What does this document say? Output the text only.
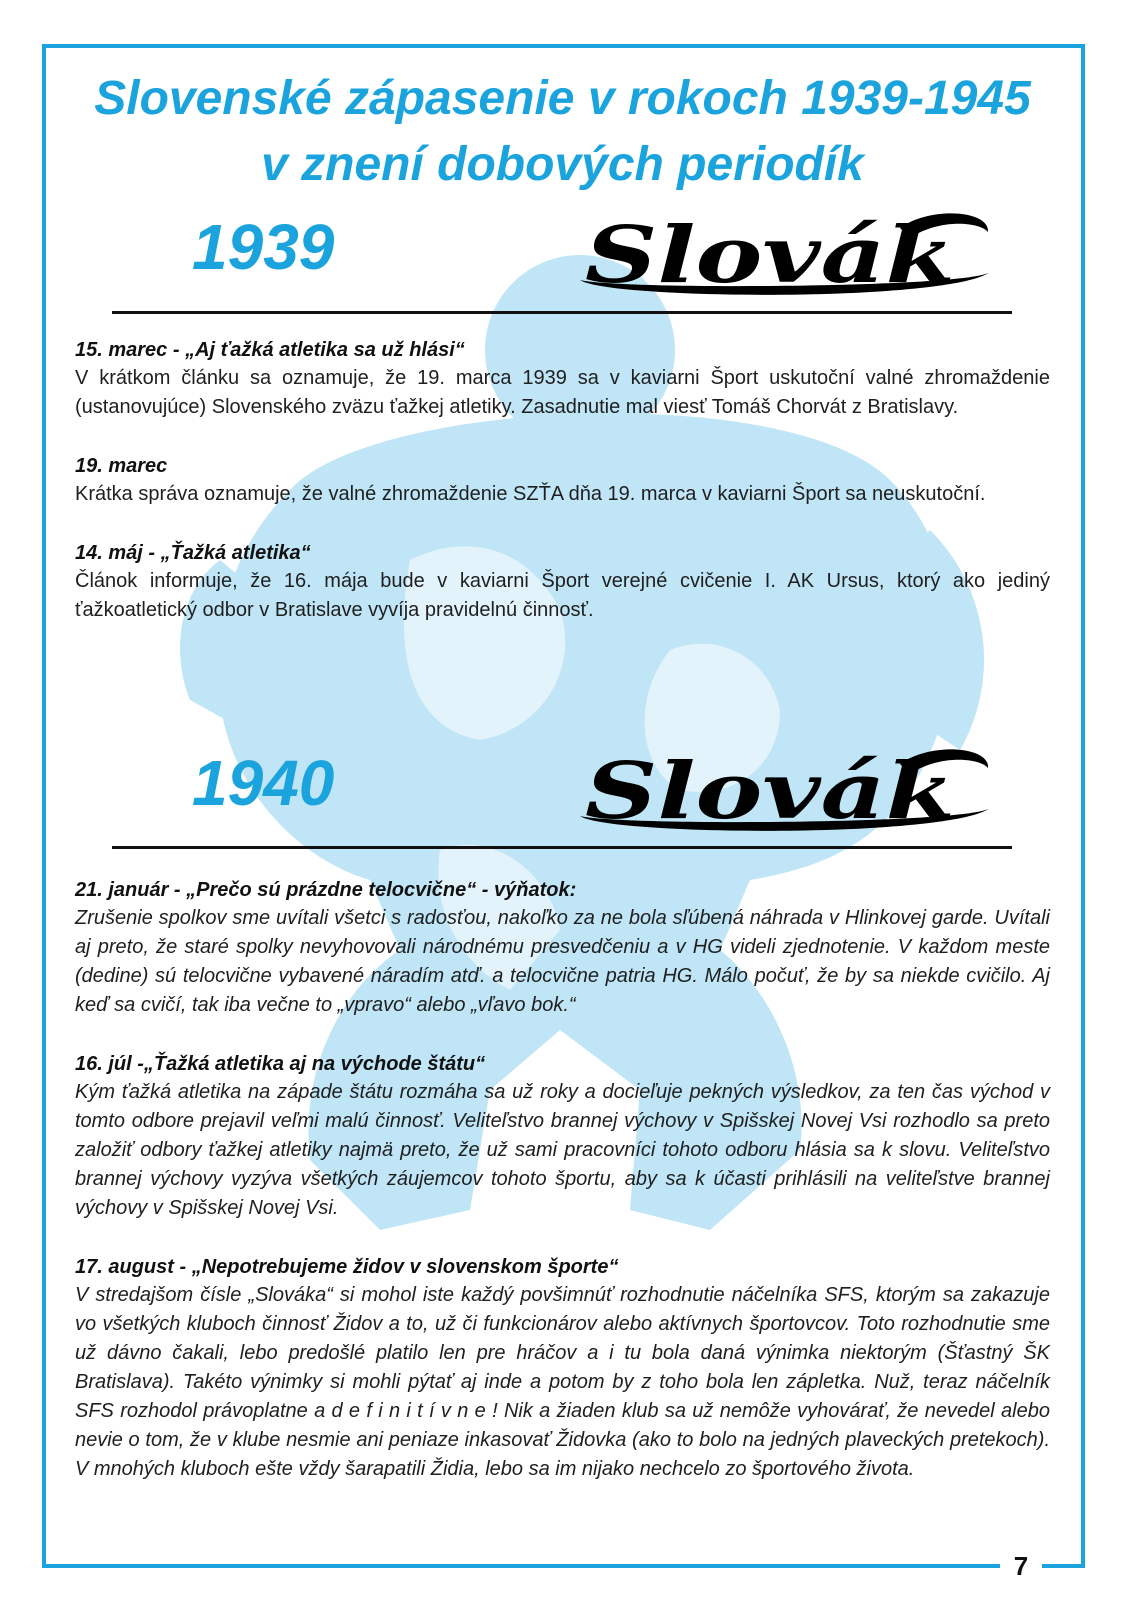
Slovenské zápasenie v rokoch 1939-1945
v znení dobových periodík
1939	Slovák

15. marec - „Aj ťažká atletika sa už hlási“

V krátkom článku sa oznamuje, že 19. marca 1939 sa v kaviarni Šport uskutoční valné zhromaždenie (ustanovujúce) Slovenského zväzu ťažkej atletiky. Zasadnutie mal viesť Tomáš Chorvát z Bratislavy.

19. marec

Krátka správa oznamuje, že valné zhromaždenie SZŤA dňa 19. marca v kaviarni Šport sa neuskutoční.

14. máj - „Ťažká atletika“

Článok informuje, že 16. mája bude v kaviarni Šport verejné cvičenie I. AK Ursus, ktorý ako jediný ťažkoatletický odbor v Bratislave vyvíja pravidelnú činnosť.

1940	Slovák

21. január - „Prečo sú prázdne telocvične“ - výňatok:

Zrušenie spolkov sme uvítali všetci s radosťou, nakoľko za ne bola sľúbená náhrada v Hlinkovej garde. Uvítali aj preto, že staré spolky nevyhovovali národnému presvedčeniu a v HG videli zjednotenie. V každom meste (dedine) sú telocvične vybavené náradím atď. a telocvične patria HG. Málo počuť, že by sa niekde cvičilo. Aj keď sa cvičí, tak iba večne to „vpravo“ alebo „vľavo bok.“

16. júl -„Ťažká atletika aj na východe štátu“

Kým ťažká atletika na západe štátu rozmáha sa už roky a docieľuje pekných výsledkov, za ten čas východ v tomto odbore prejavil veľmi malú činnosť. Veliteľstvo brannej výchovy v Spišskej Novej Vsi rozhodlo sa preto založiť odbory ťažkej atletiky najmä preto, že už sami pracovníci tohoto odboru hlásia sa k slovu. Veliteľstvo brannej výchovy vyzýva všetkých záujemcov tohoto športu, aby sa k účasti prihlásili na veliteľstve brannej výchovy v Spišskej Novej Vsi.

17. august - „Nepotrebujeme židov v slovenskom športe“

V stredajšom čísle „Slováka“ si mohol iste každý povšimnúť rozhodnutie náčelníka SFS, ktorým sa zakazuje vo všetkých kluboch činnosť Židov a to, už či funkcionárov alebo aktívnych športovcov. Toto rozhodnutie sme už dávno čakali, lebo predošlé platilo len pre hráčov a i tu bola daná výnimka niektorým (Šťastný ŠK Bratislava). Takéto výnimky si mohli pýtať aj inde a potom by z toho bola len zápletka. Nuž, teraz náčelník SFS rozhodol právoplatne a d e f i n i t í v n e ! Nik a žiaden klub sa už nemôže vyhovárať, že nevedel alebo nevie o tom, že v klube nesmie ani peniaze inkasovať Židovka (ako to bolo na jedných plaveckých pretekoch). V mnohých kluboch ešte vždy šarapatili Židia, lebo sa im nijako nechcelo zo športového života.

7
